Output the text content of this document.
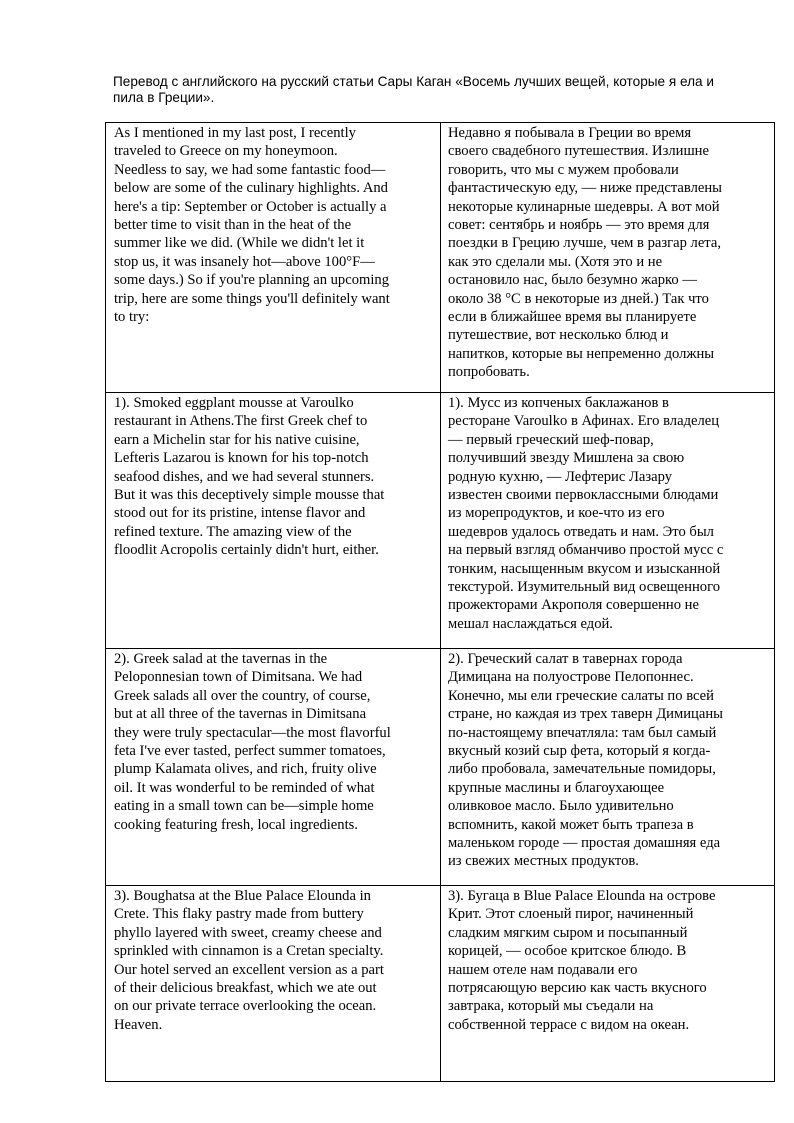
Перевод с английского на русский статьи Сары Каган «Восемь лучших вещей, которые я ела и
пила в Греции».

As I mentioned in my last post, I recently
traveled to Greece on my honeymoon.
Needless to say, we had some fantastic food—
below are some of the culinary highlights. And
here's a tip: September or October is actually a
better time to visit than in the heat of the
summer like we did. (While we didn't let it
stop us, it was insanely hot—above 100°F—
some days.) So if you're planning an upcoming
trip, here are some things you'll definitely want
to try:

Недавно я побывала в Греции во время
своего свадебного путешествия. Излишне
говорить, что мы с мужем пробовали
фантастическую еду, — ниже представлены
некоторые кулинарные шедевры. А вот мой
совет: сентябрь и ноябрь — это время для
поездки в Грецию лучше, чем в разгар лета,
как это сделали мы. (Хотя это и не
остановило нас, было безумно жарко —
около 38 °С в некоторые из дней.) Так что
если в ближайшее время вы планируете
путешествие, вот несколько блюд и
напитков, которые вы непременно должны
попробовать.

1). Smoked eggplant mousse at Varoulko
restaurant in Athens.The first Greek chef to
earn a Michelin star for his native cuisine,
Lefteris Lazarou is known for his top-notch
seafood dishes, and we had several stunners.
But it was this deceptively simple mousse that
stood out for its pristine, intense flavor and
refined texture. The amazing view of the
floodlit Acropolis certainly didn't hurt, either.

1). Мусс из копченых баклажанов в
ресторане Varoulko в Афинах. Его владелец
— первый греческий шеф-повар,
получивший звезду Мишлена за свою
родную кухню, — Лефтерис Лазару
известен своими первоклассными блюдами
из морепродуктов, и кое-что из его
шедевров удалось отведать и нам. Это был
на первый взгляд обманчиво простой мусс с
тонким, насыщенным вкусом и изысканной
текстурой. Изумительный вид освещенного
прожекторами Акрополя совершенно не
мешал наслаждаться едой.

2). Greek salad at the tavernas in the
Peloponnesian town of Dimitsana. We had
Greek salads all over the country, of course,
but at all three of the tavernas in Dimitsana
they were truly spectacular—the most flavorful
feta I've ever tasted, perfect summer tomatoes,
plump Kalamata olives, and rich, fruity olive
oil. It was wonderful to be reminded of what
eating in a small town can be—simple home
cooking featuring fresh, local ingredients.

2). Греческий салат в тавернах города
Димицана на полуострове Пелопоннес.
Конечно, мы ели греческие салаты по всей
стране, но каждая из трех таверн Димицаны
по-настоящему впечатляла: там был самый
вкусный козий сыр фета, который я когда-
либо пробовала, замечательные помидоры,
крупные маслины и благоухающее
оливковое масло. Было удивительно
вспомнить, какой может быть трапеза в
маленьком городе — простая домашняя еда
из свежих местных продуктов.

3). Boughatsa at the Blue Palace Elounda in
Crete. This flaky pastry made from buttery
phyllo layered with sweet, creamy cheese and
sprinkled with cinnamon is a Cretan specialty.
Our hotel served an excellent version as a part
of their delicious breakfast, which we ate out
on our private terrace overlooking the ocean.
Heaven.

3). Бугаца в Blue Palace Elounda на острове
Крит. Этот слоеный пирог, начиненный
сладким мягким сыром и посыпанный
корицей, — особое критское блюдо. В
нашем отеле нам подавали его
потрясающую версию как часть вкусного
завтрака, который мы съедали на
собственной террасе с видом на океан.
